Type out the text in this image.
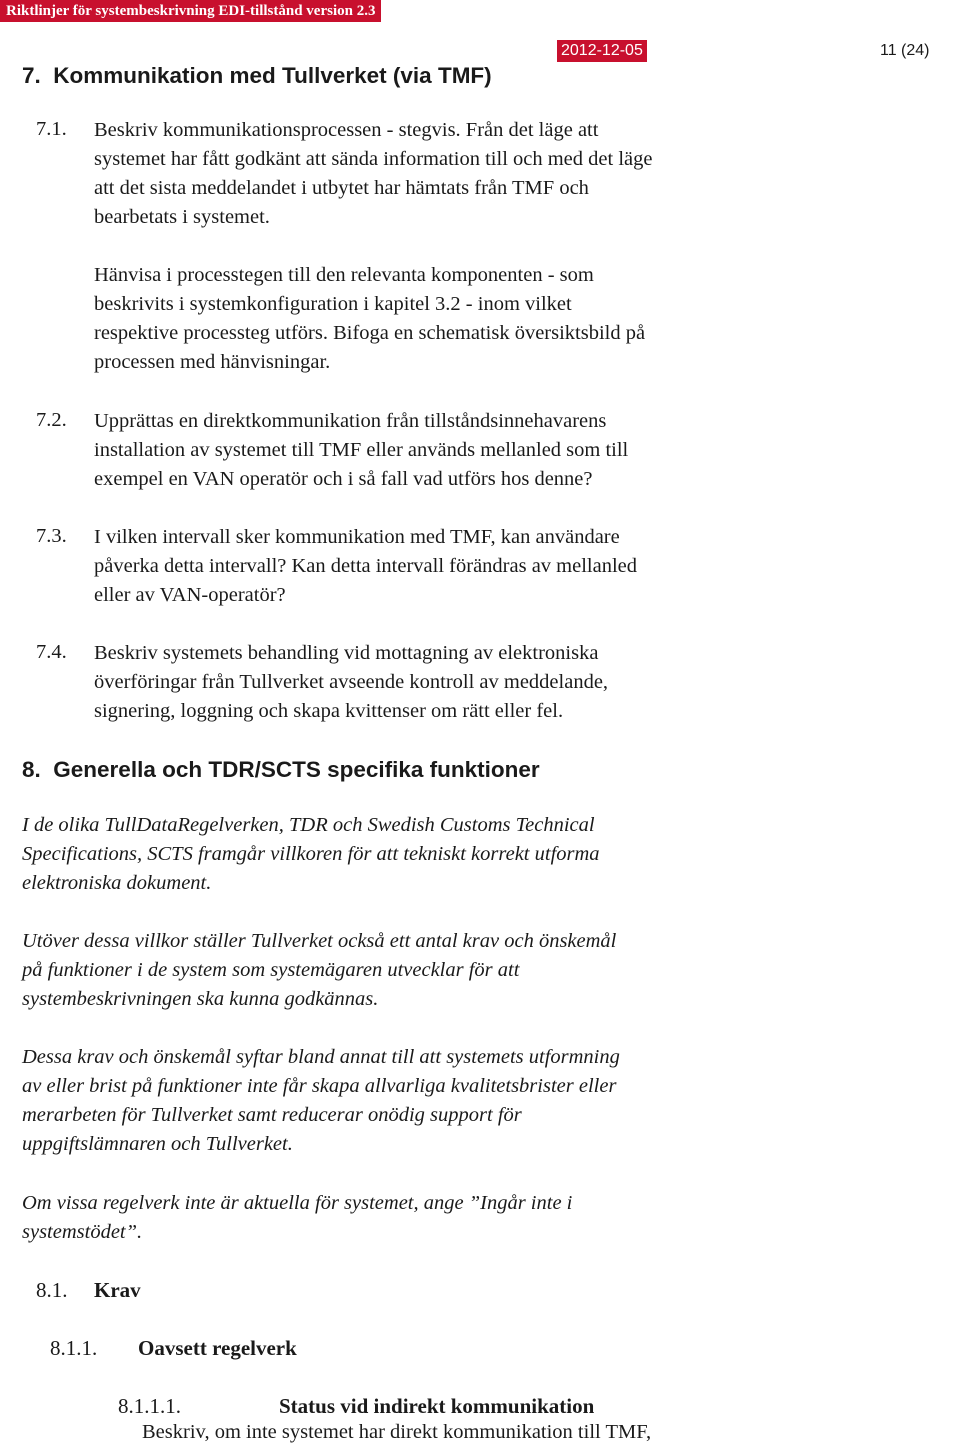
Riktlinjer för systembeskrivning EDI-tillstånd version 2.3
2012-12-05	11 (24)
7. Kommunikation med Tullverket (via TMF)
7.1. Beskriv kommunikationsprocessen - stegvis. Från det läge att
systemet har fått godkänt att sända information till och med det läge
att det sista meddelandet i utbytet har hämtats från TMF och
bearbetats i systemet.
Hänvisa i processtegen till den relevanta komponenten - som
beskrivits i systemkonfiguration i kapitel 3.2 - inom vilket
respektive processteg utförs. Bifoga en schematisk översiktsbild på
processen med hänvisningar.
7.2. Upprättas en direktkommunikation från tillståndsinnehavarens
installation av systemet till TMF eller används mellanled som till
exempel en VAN operatör och i så fall vad utförs hos denne?
7.3. I vilken intervall sker kommunikation med TMF, kan användare
påverka detta intervall? Kan detta intervall förändras av mellanled
eller av VAN-operatör?
7.4. Beskriv systemets behandling vid mottagning av elektroniska
överföringar från Tullverket avseende kontroll av meddelande,
signering, loggning och skapa kvittenser om rätt eller fel.
8. Generella och TDR/SCTS specifika funktioner
I de olika TullDataRegelverken, TDR och Swedish Customs Technical
Specifications, SCTS framgår villkoren för att tekniskt korrekt utforma
elektroniska dokument.
Utöver dessa villkor ställer Tullverket också ett antal krav och önskemål
på funktioner i de system som systemägaren utvecklar för att
systembeskrivningen ska kunna godkännas.
Dessa krav och önskemål syftar bland annat till att systemets utformning
av eller brist på funktioner inte får skapa allvarliga kvalitetsbrister eller
merarbeten för Tullverket samt reducerar onödig support för
uppgiftslämnaren och Tullverket.
Om vissa regelverk inte är aktuella för systemet, ange ”Ingår inte i
systemstödet”.
8.1. Krav
8.1.1. Oavsett regelverk
8.1.1.1.	Status vid indirekt kommunikation
Beskriv, om inte systemet har direkt kommunikation till TMF,
